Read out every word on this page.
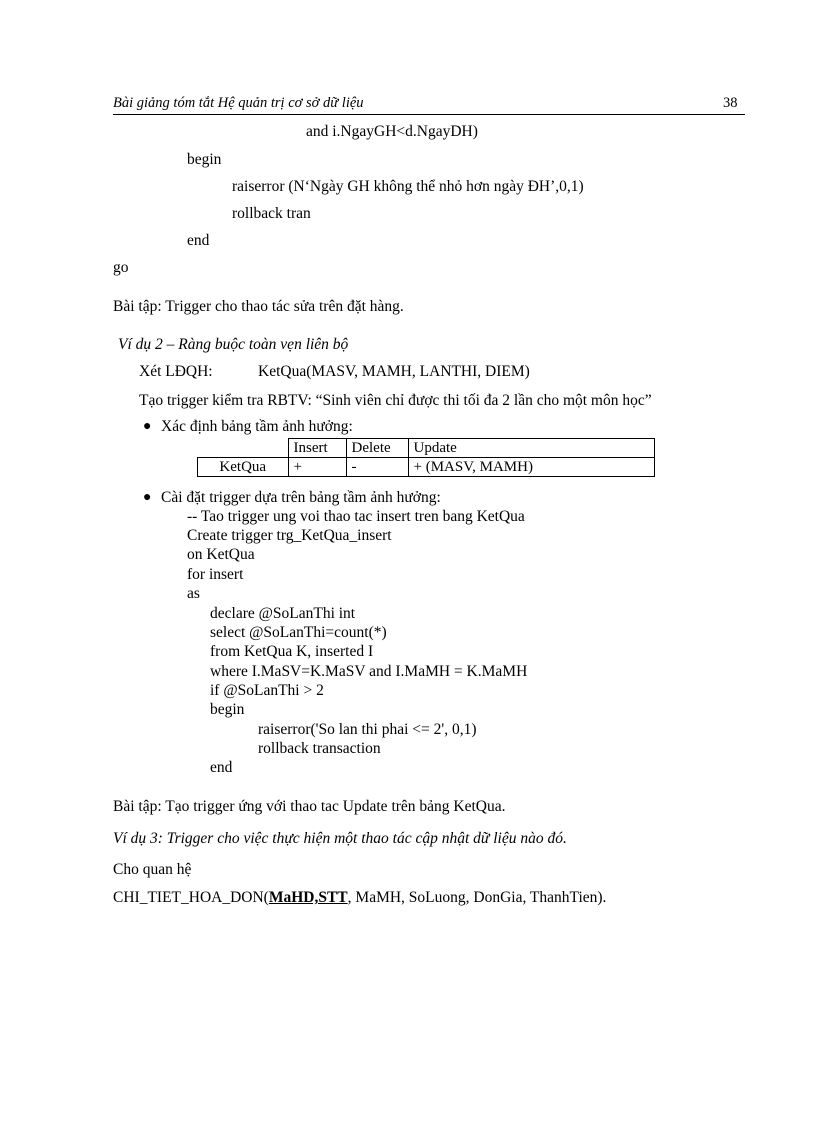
Bài giảng tóm tắt Hệ quản trị cơ sở dữ liệu	38
and i.NgayGH<d.NgayDH)
begin
raiserror (N‘Ngày GH không thể nhỏ hơn ngày ĐH’,0,1)
rollback tran
end
go
Bài tập: Trigger cho thao tác sửa trên đặt hàng.
Ví dụ 2 – Ràng buộc toàn vẹn liên bộ
Xét LĐQH:	KetQua(MASV, MAMH, LANTHI, DIEM)
Tạo trigger kiểm tra RBTV: “Sinh viên chỉ được thi tối đa 2 lần cho một môn học”
● Xác định bảng tầm ảnh hưởng:
	Insert	Delete	Update
KetQua	+	-	+ (MASV, MAMH)
● Cài đặt trigger dựa trên bảng tầm ảnh hưởng:
-- Tao trigger ung voi thao tac insert tren bang KetQua
Create trigger trg_KetQua_insert
on KetQua
for insert
as
declare @SoLanThi int
select @SoLanThi=count(*)
from KetQua K, inserted I
where I.MaSV=K.MaSV and I.MaMH = K.MaMH
if @SoLanThi > 2
begin
raiserror('So lan thi phai <= 2', 0,1)
rollback transaction
end
Bài tập: Tạo trigger ứng với thao tac Update trên bảng KetQua.
Ví dụ 3: Trigger cho việc thực hiện một thao tác cập nhật dữ liệu nào đó.
Cho quan hệ
CHI_TIET_HOA_DON(MaHD,STT, MaMH, SoLuong, DonGia, ThanhTien).
